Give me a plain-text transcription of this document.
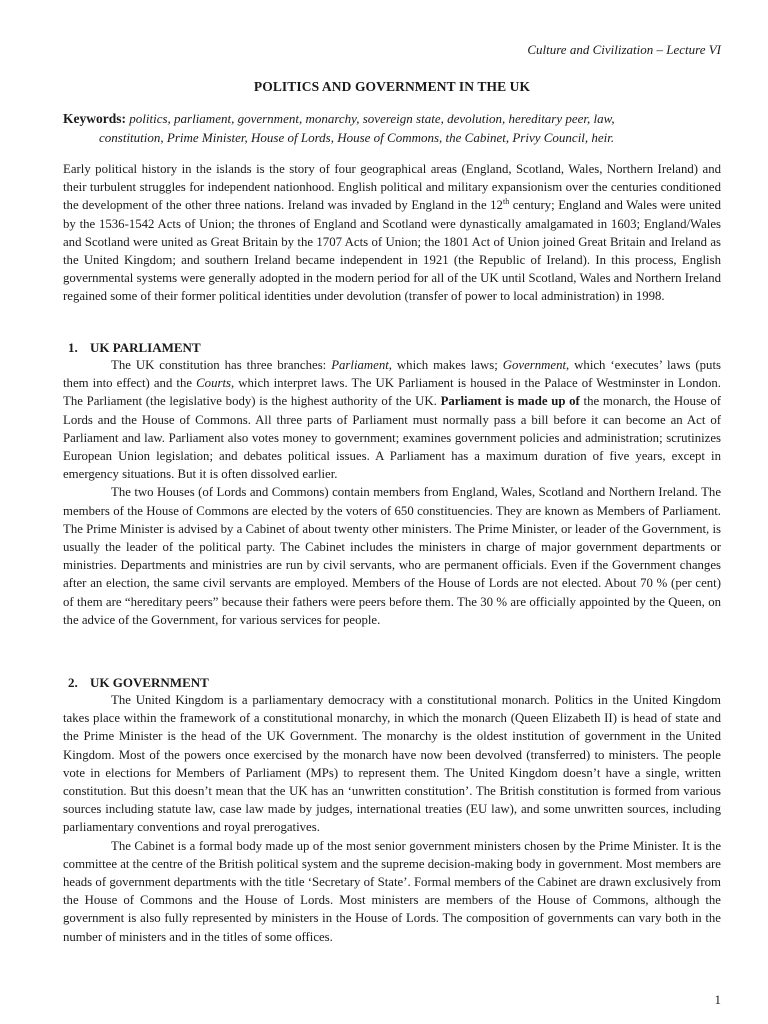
Culture and Civilization – Lecture VI
POLITICS AND GOVERNMENT IN THE UK
Keywords: politics, parliament, government, monarchy, sovereign state, devolution, hereditary peer, law,
constitution, Prime Minister, House of Lords, House of Commons, the Cabinet, Privy Council, heir.

Early political history in the islands is the story of four geographical areas (England, Scotland, Wales, Northern Ireland) and their turbulent struggles for independent nationhood. English political and military expansionism over the centuries conditioned the development of the other three nations. Ireland was invaded by England in the 12th century; England and Wales were united by the 1536-1542 Acts of Union; the thrones of England and Scotland were dynastically amalgamated in 1603; England/Wales and Scotland were united as Great Britain by the 1707 Acts of Union; the 1801 Act of Union joined Great Britain and Ireland as the United Kingdom; and southern Ireland became independent in 1921 (the Republic of Ireland). In this process, English governmental systems were generally adopted in the modern period for all of the UK until Scotland, Wales and Northern Ireland regained some of their former political identities under devolution (transfer of power to local administration) in 1998.

1. UK PARLIAMENT

The UK constitution has three branches: Parliament, which makes laws; Government, which ‘executes’ laws (puts them into effect) and the Courts, which interpret laws. The UK Parliament is housed in the Palace of Westminster in London. The Parliament (the legislative body) is the highest authority of the UK. Parliament is made up of the monarch, the House of Lords and the House of Commons. All three parts of Parliament must normally pass a bill before it can become an Act of Parliament and law. Parliament also votes money to government; examines government policies and administration; scrutinizes European Union legislation; and debates political issues. A Parliament has a maximum duration of five years, except in emergency situations. But it is often dissolved earlier.

The two Houses (of Lords and Commons) contain members from England, Wales, Scotland and Northern Ireland. The members of the House of Commons are elected by the voters of 650 constituencies. They are known as Members of Parliament. The Prime Minister is advised by a Cabinet of about twenty other ministers. The Prime Minister, or leader of the Government, is usually the leader of the political party. The Cabinet includes the ministers in charge of major government departments or ministries. Departments and ministries are run by civil servants, who are permanent officials. Even if the Government changes after an election, the same civil servants are employed. Members of the House of Lords are not elected. About 70 % (per cent) of them are “hereditary peers” because their fathers were peers before them. The 30 % are officially appointed by the Queen, on the advice of the Government, for various services for people.

2. UK GOVERNMENT

The United Kingdom is a parliamentary democracy with a constitutional monarch. Politics in the United Kingdom takes place within the framework of a constitutional monarchy, in which the monarch (Queen Elizabeth II) is head of state and the Prime Minister is the head of the UK Government. The monarchy is the oldest institution of government in the United Kingdom. Most of the powers once exercised by the monarch have now been devolved (transferred) to ministers. The people vote in elections for Members of Parliament (MPs) to represent them. The United Kingdom doesn’t have a single, written constitution. But this doesn’t mean that the UK has an ‘unwritten constitution’. The British constitution is formed from various sources including statute law, case law made by judges, international treaties (EU law), and some unwritten sources, including parliamentary conventions and royal prerogatives.

The Cabinet is a formal body made up of the most senior government ministers chosen by the Prime Minister. It is the committee at the centre of the British political system and the supreme decision-making body in government. Most members are heads of government departments with the title ‘Secretary of State’. Formal members of the Cabinet are drawn exclusively from the House of Commons and the House of Lords. Most ministers are members of the House of Commons, although the government is also fully represented by ministers in the House of Lords. The composition of governments can vary both in the number of ministers and in the titles of some offices.

1
